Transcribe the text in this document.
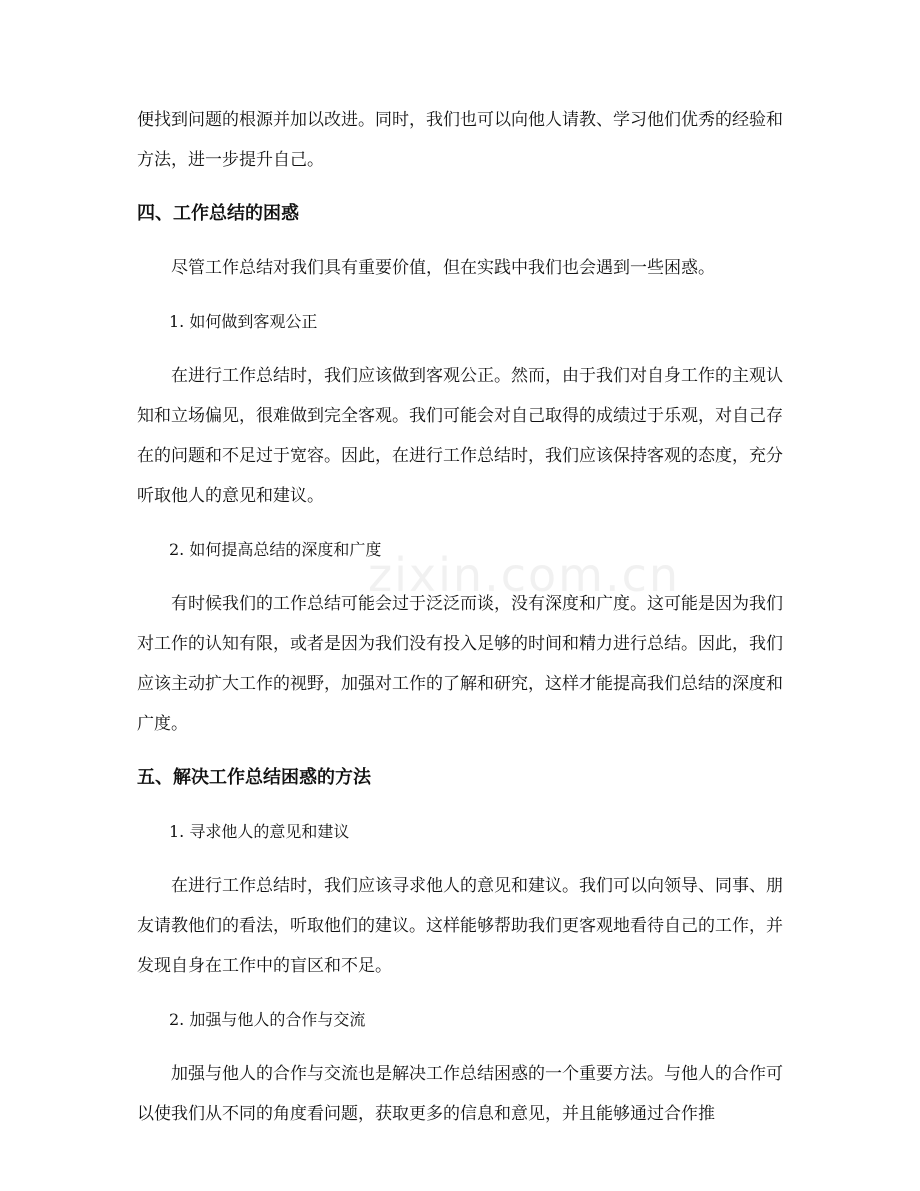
zixin.com.cn

便找到问题的根源并加以改进。同时，我们也可以向他人请教、学习他们优秀的经验和方法，进一步提升自己。

四、工作总结的困惑

尽管工作总结对我们具有重要价值，但在实践中我们也会遇到一些困惑。

1. 如何做到客观公正

在进行工作总结时，我们应该做到客观公正。然而，由于我们对自身工作的主观认知和立场偏见，很难做到完全客观。我们可能会对自己取得的成绩过于乐观，对自己存在的问题和不足过于宽容。因此，在进行工作总结时，我们应该保持客观的态度，充分听取他人的意见和建议。

2. 如何提高总结的深度和广度

有时候我们的工作总结可能会过于泛泛而谈，没有深度和广度。这可能是因为我们对工作的认知有限，或者是因为我们没有投入足够的时间和精力进行总结。因此，我们应该主动扩大工作的视野，加强对工作的了解和研究，这样才能提高我们总结的深度和广度。

五、解决工作总结困惑的方法

1. 寻求他人的意见和建议

在进行工作总结时，我们应该寻求他人的意见和建议。我们可以向领导、同事、朋友请教他们的看法，听取他们的建议。这样能够帮助我们更客观地看待自己的工作，并发现自身在工作中的盲区和不足。

2. 加强与他人的合作与交流

加强与他人的合作与交流也是解决工作总结困惑的一个重要方法。与他人的合作可以使我们从不同的角度看问题，获取更多的信息和意见，并且能够通过合作推
